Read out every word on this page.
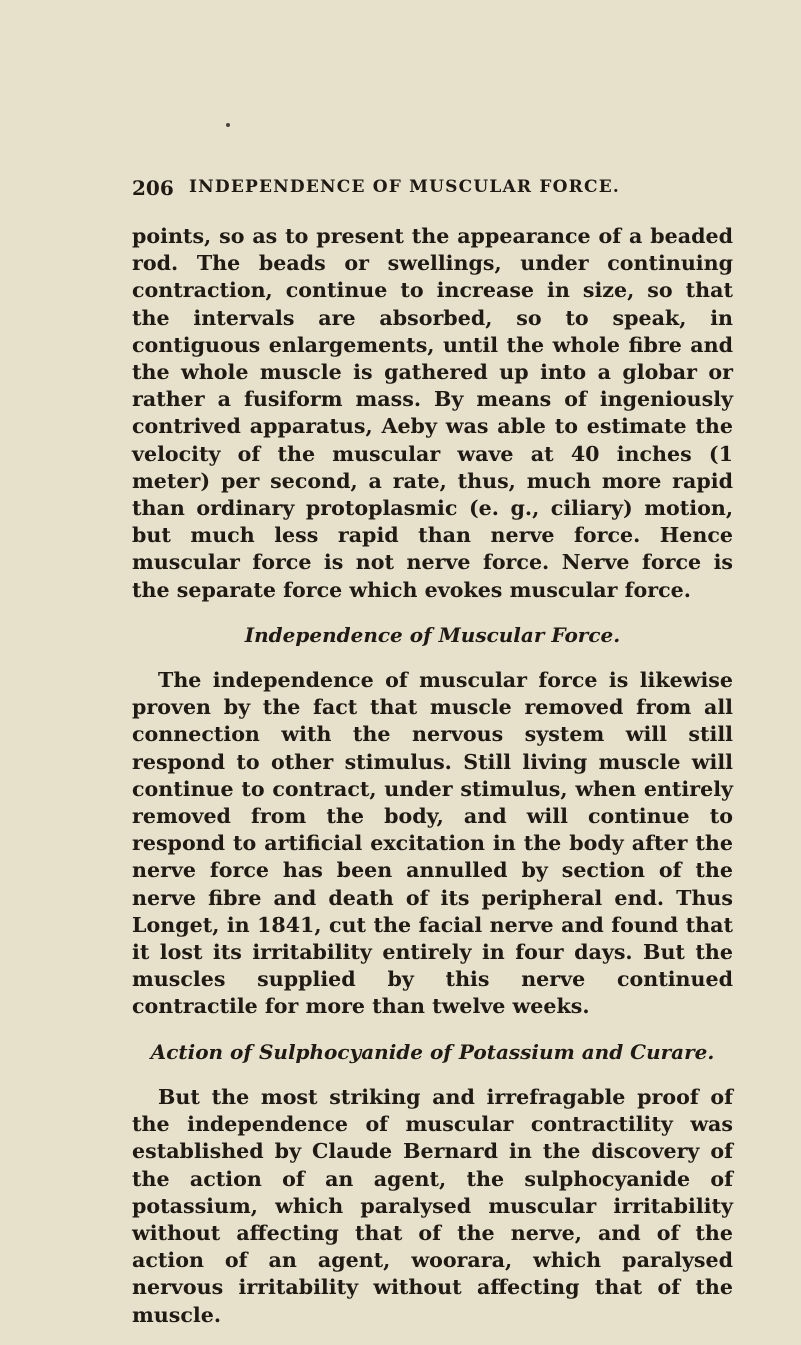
206 INDEPENDENCE OF MUSCULAR FORCE.

points, so as to present the appearance of a beaded rod. The beads or swellings, under continuing contraction, continue to increase in size, so that the intervals are absorbed, so to speak, in contiguous enlargements, until the whole fibre and the whole muscle is gathered up into a globar or rather a fusiform mass. By means of ingeniously contrived apparatus, Aeby was able to estimate the velocity of the muscular wave at 40 inches (1 meter) per second, a rate, thus, much more rapid than ordinary protoplasmic (e. g., ciliary) motion, but much less rapid than nerve force. Hence muscular force is not nerve force. Nerve force is the separate force which evokes muscular force.

Independence of Muscular Force.

The independence of muscular force is likewise proven by the fact that muscle removed from all connection with the nervous system will still respond to other stimulus. Still living muscle will continue to contract, under stimulus, when entirely removed from the body, and will continue to respond to artificial excitation in the body after the nerve force has been annulled by section of the nerve fibre and death of its peripheral end. Thus Longet, in 1841, cut the facial nerve and found that it lost its irritability entirely in four days. But the muscles supplied by this nerve continued contractile for more than twelve weeks.

Action of Sulphocyanide of Potassium and Curare.

But the most striking and irrefragable proof of the independence of muscular contractility was established by Claude Bernard in the discovery of the action of an agent, the sulphocyanide of potassium, which paralysed muscular irritability without affecting that of the nerve, and of the action of an agent, woorara, which paralysed nervous irritability without affecting that of the muscle.
